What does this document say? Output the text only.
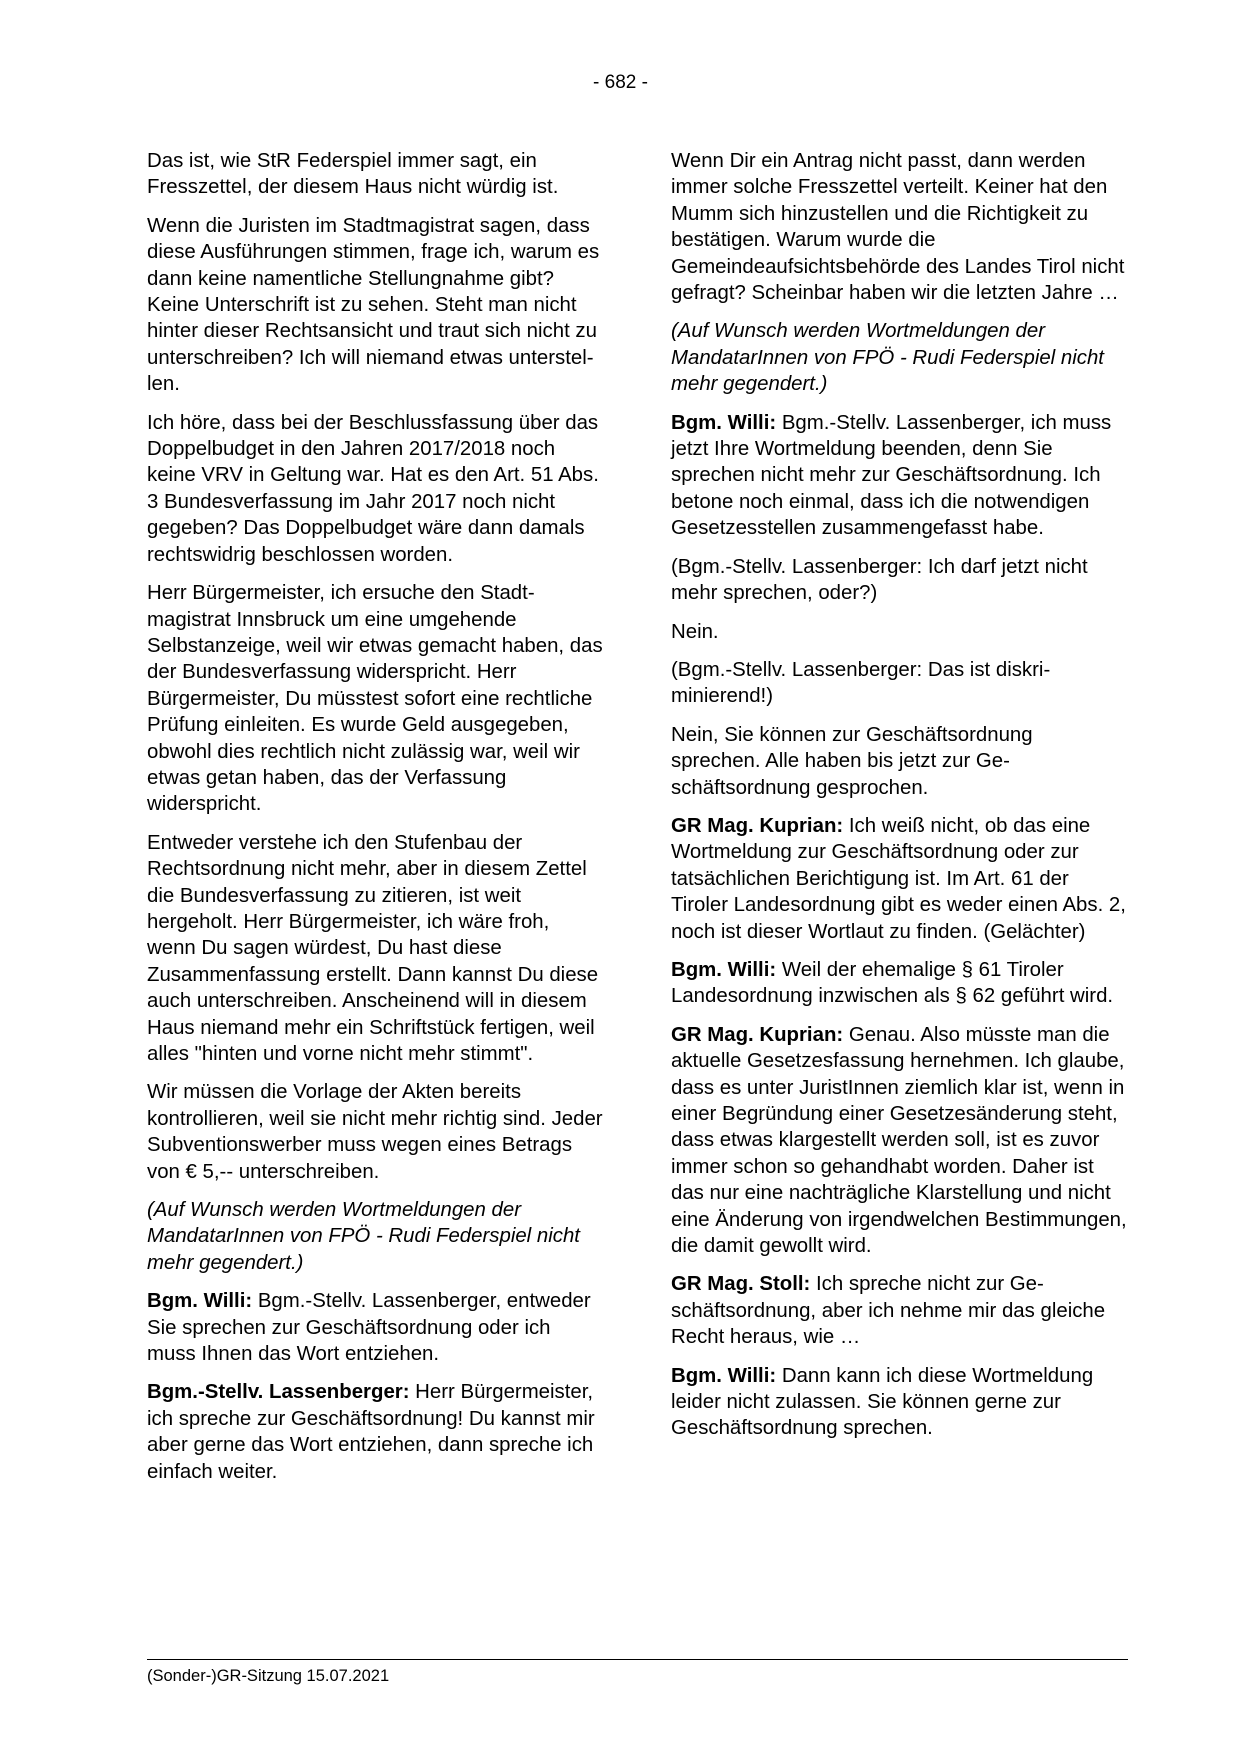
- 682 -

Das ist, wie StR Federspiel immer sagt, ein Fresszettel, der diesem Haus nicht würdig ist.

Wenn die Juristen im Stadtmagistrat sagen, dass diese Ausführungen stimmen, frage ich, warum es dann keine namentliche Stellungnahme gibt? Keine Unterschrift ist zu sehen. Steht man nicht hinter dieser Rechtsansicht und traut sich nicht zu unterschreiben? Ich will niemand etwas unterstellen.

Ich höre, dass bei der Beschlussfassung über das Doppelbudget in den Jahren 2017/2018 noch keine VRV in Geltung war. Hat es den Art. 51 Abs. 3 Bundesverfassung im Jahr 2017 noch nicht gegeben? Das Doppelbudget wäre dann damals rechtswidrig beschlossen worden.

Herr Bürgermeister, ich ersuche den Stadtmagistrat Innsbruck um eine umgehende Selbstanzeige, weil wir etwas gemacht haben, das der Bundesverfassung widerspricht. Herr Bürgermeister, Du müsstest sofort eine rechtliche Prüfung einleiten. Es wurde Geld ausgegeben, obwohl dies rechtlich nicht zulässig war, weil wir etwas getan haben, das der Verfassung widerspricht.

Entweder verstehe ich den Stufenbau der Rechtsordnung nicht mehr, aber in diesem Zettel die Bundesverfassung zu zitieren, ist weit hergeholt. Herr Bürgermeister, ich wäre froh, wenn Du sagen würdest, Du hast diese Zusammenfassung erstellt. Dann kannst Du diese auch unterschreiben. Anscheinend will in diesem Haus niemand mehr ein Schriftstück fertigen, weil alles "hinten und vorne nicht mehr stimmt".

Wir müssen die Vorlage der Akten bereits kontrollieren, weil sie nicht mehr richtig sind. Jeder Subventionswerber muss wegen eines Betrags von € 5,-- unterschreiben.

(Auf Wunsch werden Wortmeldungen der MandatarInnen von FPÖ - Rudi Federspiel nicht mehr gegendert.)

Bgm. Willi: Bgm.-Stellv. Lassenberger, entweder Sie sprechen zur Geschäftsordnung oder ich muss Ihnen das Wort entziehen.

Bgm.-Stellv. Lassenberger: Herr Bürgermeister, ich spreche zur Geschäftsordnung! Du kannst mir aber gerne das Wort entziehen, dann spreche ich einfach weiter.

Wenn Dir ein Antrag nicht passt, dann werden immer solche Fresszettel verteilt. Keiner hat den Mumm sich hinzustellen und die Richtigkeit zu bestätigen. Warum wurde die Gemeindeaufsichtsbehörde des Landes Tirol nicht gefragt? Scheinbar haben wir die letzten Jahre …

(Auf Wunsch werden Wortmeldungen der MandatarInnen von FPÖ - Rudi Federspiel nicht mehr gegendert.)

Bgm. Willi: Bgm.-Stellv. Lassenberger, ich muss jetzt Ihre Wortmeldung beenden, denn Sie sprechen nicht mehr zur Geschäftsordnung. Ich betone noch einmal, dass ich die notwendigen Gesetzesstellen zusammengefasst habe.

(Bgm.-Stellv. Lassenberger: Ich darf jetzt nicht mehr sprechen, oder?)

Nein.

(Bgm.-Stellv. Lassenberger: Das ist diskriminierend!)

Nein, Sie können zur Geschäftsordnung sprechen. Alle haben bis jetzt zur Geschäftsordnung gesprochen.

GR Mag. Kuprian: Ich weiß nicht, ob das eine Wortmeldung zur Geschäftsordnung oder zur tatsächlichen Berichtigung ist. Im Art. 61 der Tiroler Landesordnung gibt es weder einen Abs. 2, noch ist dieser Wortlaut zu finden. (Gelächter)

Bgm. Willi: Weil der ehemalige § 61 Tiroler Landesordnung inzwischen als § 62 geführt wird.

GR Mag. Kuprian: Genau. Also müsste man die aktuelle Gesetzesfassung hernehmen. Ich glaube, dass es unter JuristInnen ziemlich klar ist, wenn in einer Begründung einer Gesetzesänderung steht, dass etwas klargestellt werden soll, ist es zuvor immer schon so gehandhabt worden. Daher ist das nur eine nachträgliche Klarstellung und nicht eine Änderung von irgendwelchen Bestimmungen, die damit gewollt wird.

GR Mag. Stoll: Ich spreche nicht zur Geschäftsordnung, aber ich nehme mir das gleiche Recht heraus, wie …

Bgm. Willi: Dann kann ich diese Wortmeldung leider nicht zulassen. Sie können gerne zur Geschäftsordnung sprechen.

(Sonder-)GR-Sitzung 15.07.2021
